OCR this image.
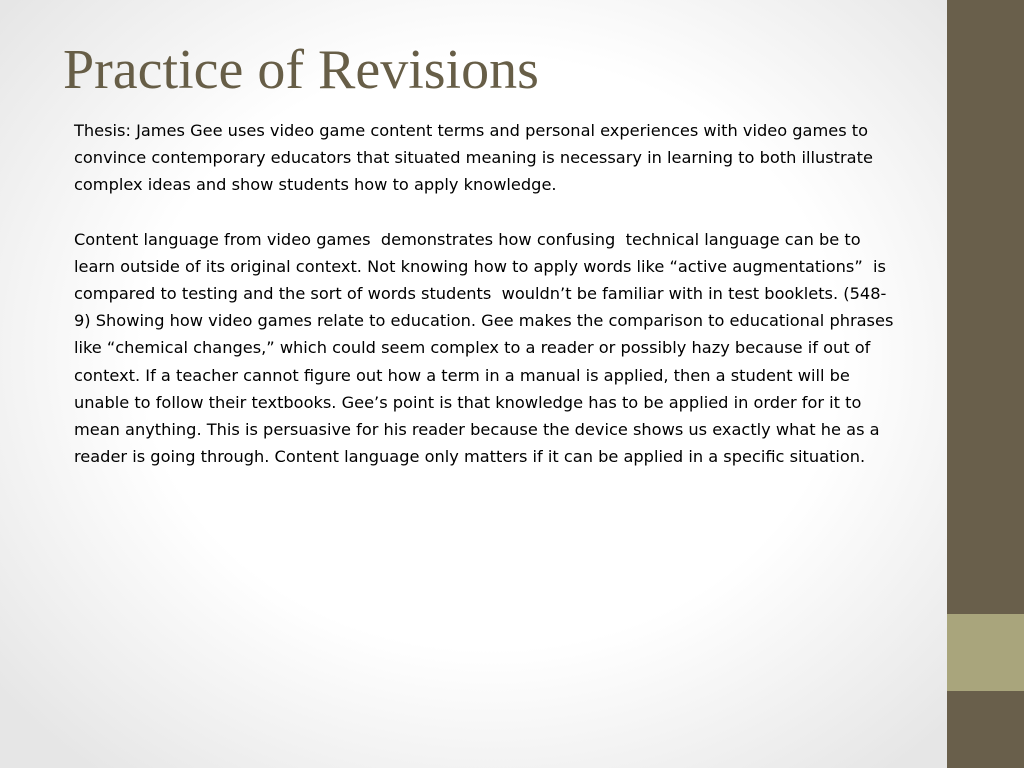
Practice of Revisions

Thesis: James Gee uses video game content terms and personal experiences with video games to convince contemporary educators that situated meaning is necessary in learning to both illustrate complex ideas and show students how to apply knowledge.

Content language from video games  demonstrates how confusing  technical language can be to learn outside of its original context. Not knowing how to apply words like “active augmentations”  is compared to testing and the sort of words students  wouldn’t be familiar with in test booklets. (548-9) Showing how video games relate to education. Gee makes the comparison to educational phrases like “chemical changes,” which could seem complex to a reader or possibly hazy because if out of context. If a teacher cannot figure out how a term in a manual is applied, then a student will be unable to follow their textbooks. Gee’s point is that knowledge has to be applied in order for it to mean anything. This is persuasive for his reader because the device shows us exactly what he as a reader is going through. Content language only matters if it can be applied in a specific situation.
